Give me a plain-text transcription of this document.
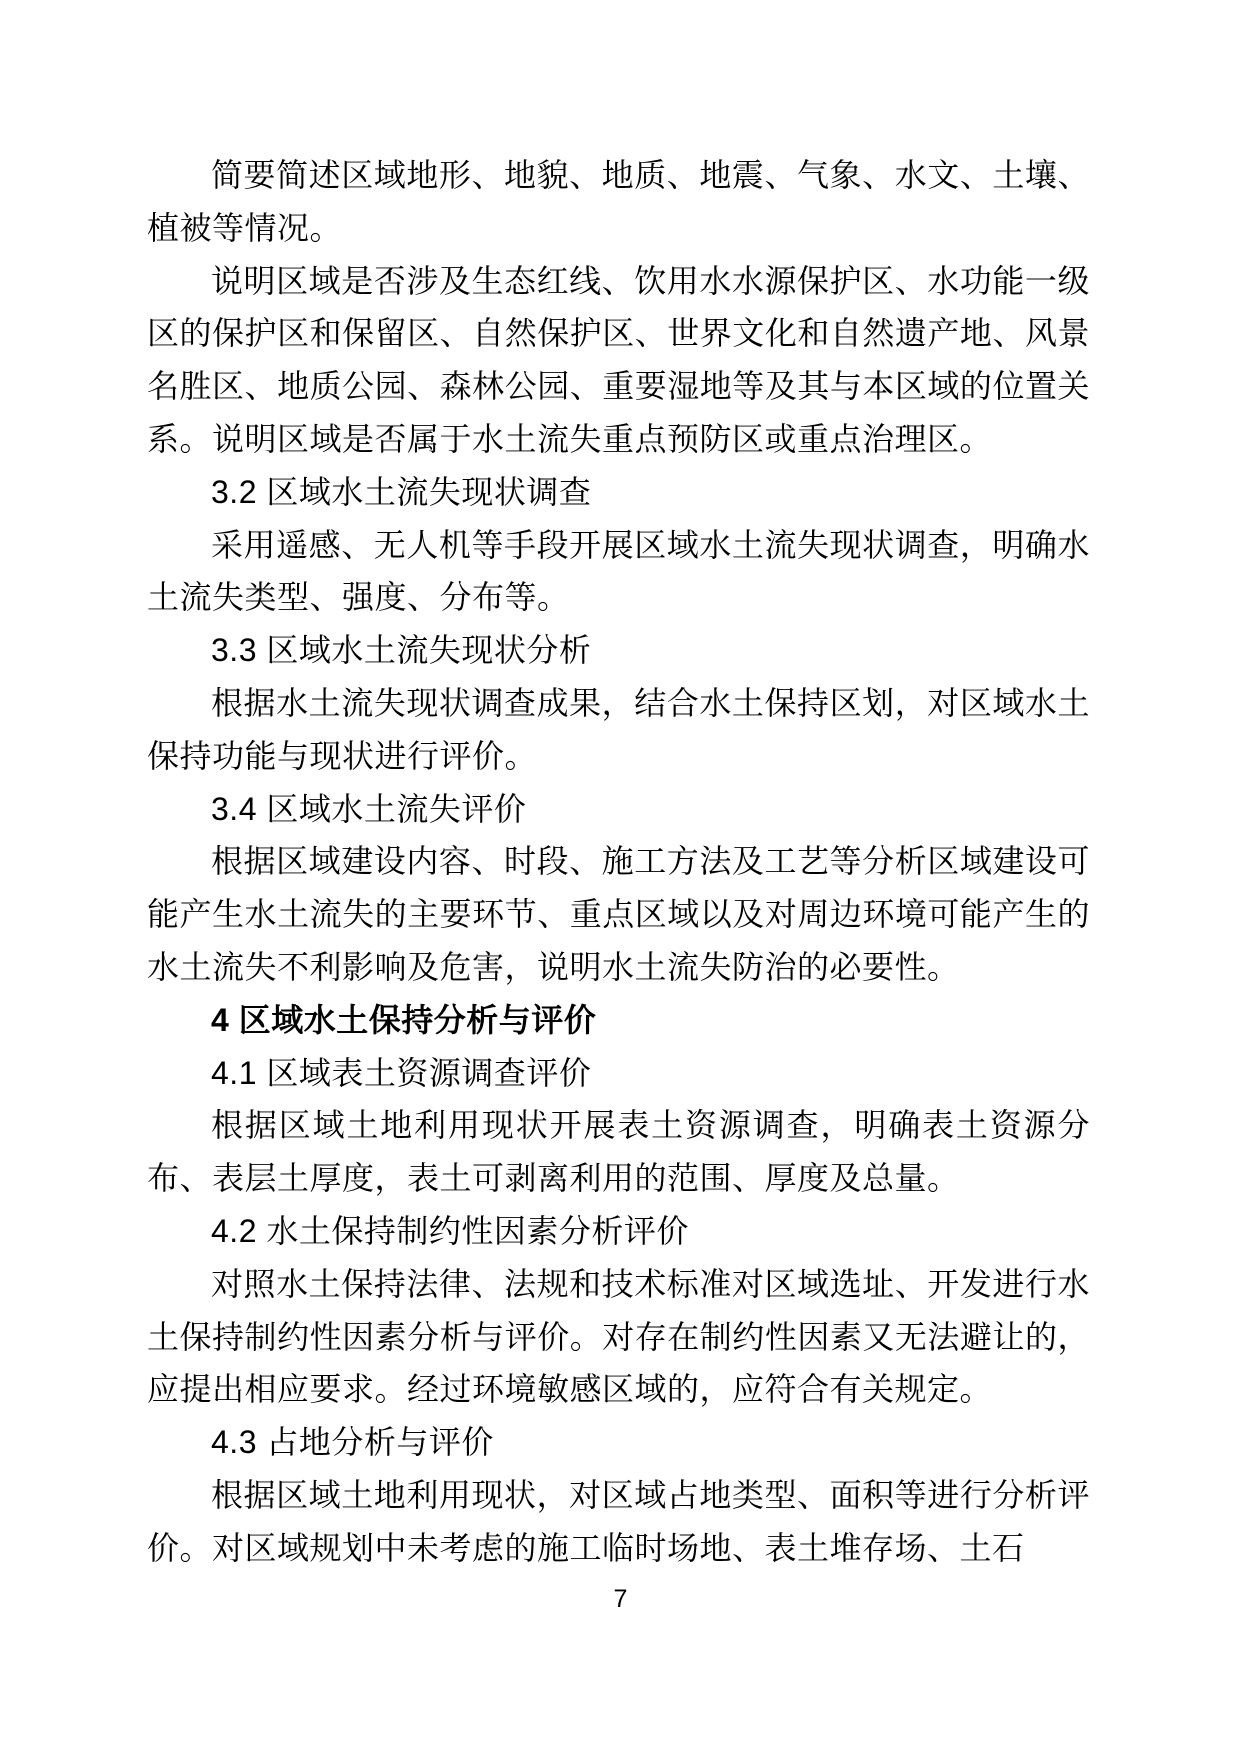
简要简述区域地形、地貌、地质、地震、气象、水文、土壤、植被等情况。

说明区域是否涉及生态红线、饮用水水源保护区、水功能一级区的保护区和保留区、自然保护区、世界文化和自然遗产地、风景名胜区、地质公园、森林公园、重要湿地等及其与本区域的位置关系。说明区域是否属于水土流失重点预防区或重点治理区。

3.2 区域水土流失现状调查

采用遥感、无人机等手段开展区域水土流失现状调查，明确水土流失类型、强度、分布等。

3.3 区域水土流失现状分析

根据水土流失现状调查成果，结合水土保持区划，对区域水土保持功能与现状进行评价。

3.4 区域水土流失评价

根据区域建设内容、时段、施工方法及工艺等分析区域建设可能产生水土流失的主要环节、重点区域以及对周边环境可能产生的水土流失不利影响及危害，说明水土流失防治的必要性。

4 区域水土保持分析与评价

4.1 区域表土资源调查评价

根据区域土地利用现状开展表土资源调查，明确表土资源分布、表层土厚度，表土可剥离利用的范围、厚度及总量。

4.2 水土保持制约性因素分析评价

对照水土保持法律、法规和技术标准对区域选址、开发进行水土保持制约性因素分析与评价。对存在制约性因素又无法避让的，应提出相应要求。经过环境敏感区域的，应符合有关规定。

4.3 占地分析与评价

根据区域土地利用现状，对区域占地类型、面积等进行分析评价。对区域规划中未考虑的施工临时场地、表土堆存场、土石

7
